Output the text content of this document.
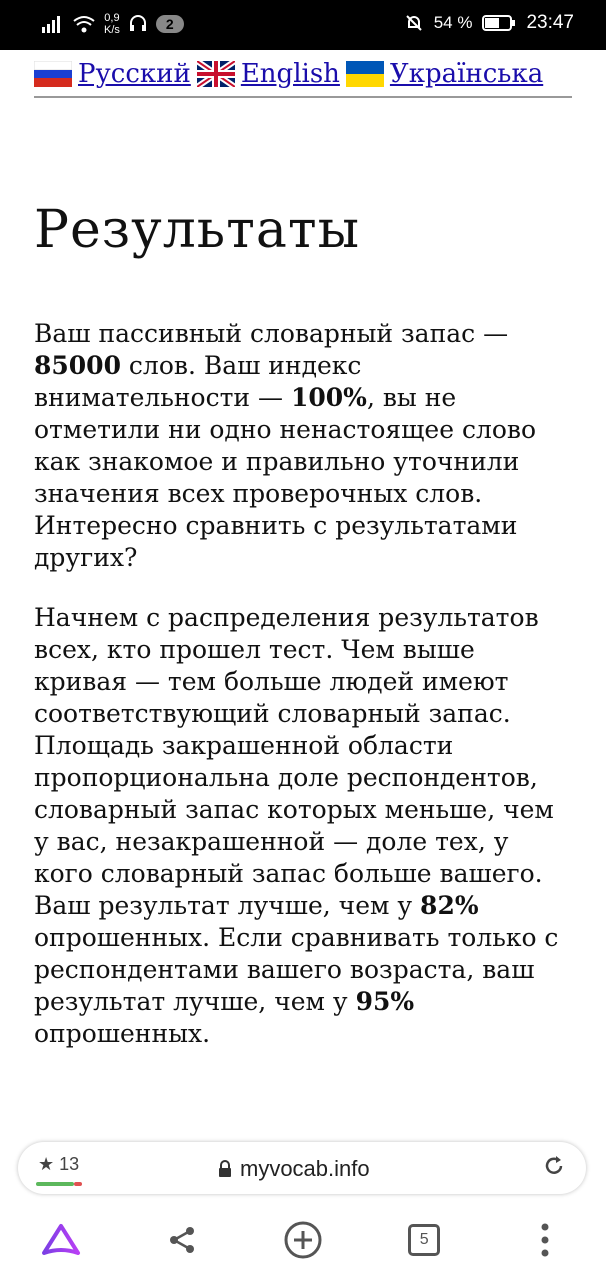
0,9
K/s	2	54 %	23:47
Русский English Українська
Результаты

Ваш пассивный словарный запас — 85000 слов. Ваш индекс внимательности — 100%, вы не отметили ни одно ненастоящее слово как знакомое и правильно уточнили значения всех проверочных слов. Интересно сравнить с результатами других?

Начнем с распределения результатов всех, кто прошел тест. Чем выше кривая — тем больше людей имеют соответствующий словарный запас. Площадь закрашенной области пропорциональна доле респондентов, словарный запас которых меньше, чем у вас, незакрашенной — доле тех, у кого словарный запас больше вашего. Ваш результат лучше, чем у 82% опрошенных. Если сравнивать только с респондентами вашего возраста, ваш результат лучше, чем у 95% опрошенных.

★ 13	myvocab.info
5
